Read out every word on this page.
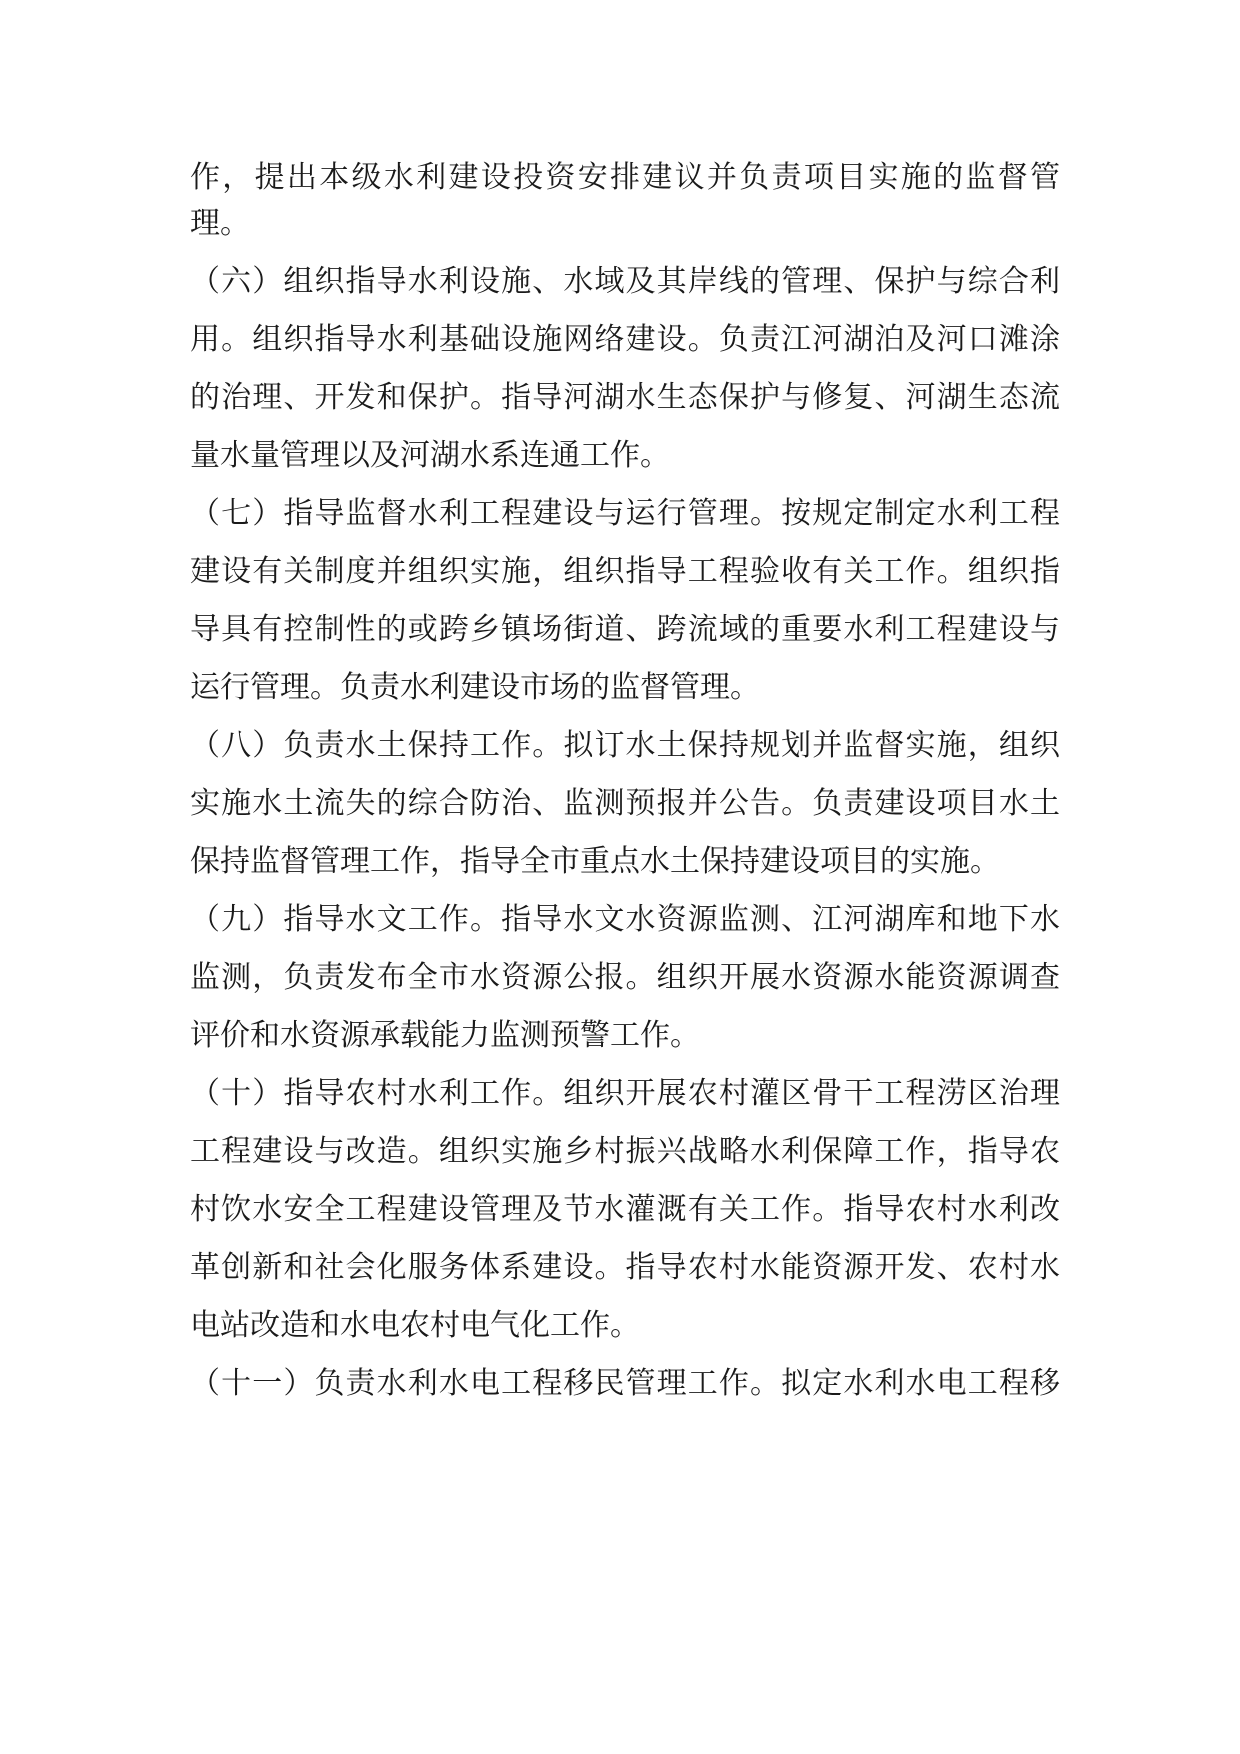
作，提出本级水利建设投资安排建议并负责项目实施的监督管
理。
（六）组织指导水利设施、水域及其岸线的管理、保护与综合利
用。组织指导水利基础设施网络建设。负责江河湖泊及河口滩涂
的治理、开发和保护。指导河湖水生态保护与修复、河湖生态流
量水量管理以及河湖水系连通工作。
（七）指导监督水利工程建设与运行管理。按规定制定水利工程
建设有关制度并组织实施，组织指导工程验收有关工作。组织指
导具有控制性的或跨乡镇场街道、跨流域的重要水利工程建设与
运行管理。负责水利建设市场的监督管理。
（八）负责水土保持工作。拟订水土保持规划并监督实施，组织
实施水土流失的综合防治、监测预报并公告。负责建设项目水土
保持监督管理工作，指导全市重点水土保持建设项目的实施。
（九）指导水文工作。指导水文水资源监测、江河湖库和地下水
监测，负责发布全市水资源公报。组织开展水资源水能资源调查
评价和水资源承载能力监测预警工作。
（十）指导农村水利工作。组织开展农村灌区骨干工程涝区治理
工程建设与改造。组织实施乡村振兴战略水利保障工作，指导农
村饮水安全工程建设管理及节水灌溉有关工作。指导农村水利改
革创新和社会化服务体系建设。指导农村水能资源开发、农村水
电站改造和水电农村电气化工作。
（十一）负责水利水电工程移民管理工作。拟定水利水电工程移
